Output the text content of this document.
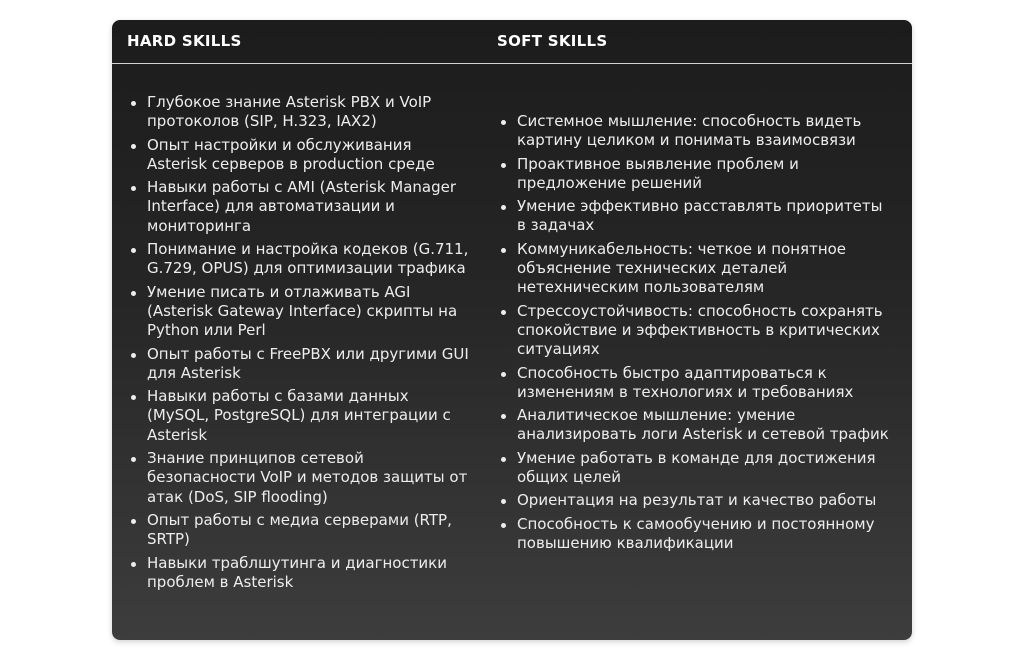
HARD SKILLS	SOFT SKILLS
Глубокое знание Asterisk PBX и VoIP протоколов (SIP, H.323, IAX2)
Опыт настройки и обслуживания Asterisk серверов в production среде
Навыки работы с AMI (Asterisk Manager Interface) для автоматизации и мониторинга
Понимание и настройка кодеков (G.711, G.729, OPUS) для оптимизации трафика
Умение писать и отлаживать AGI (Asterisk Gateway Interface) скрипты на Python или Perl
Опыт работы с FreePBX или другими GUI для Asterisk
Навыки работы с базами данных (MySQL, PostgreSQL) для интеграции с Asterisk
Знание принципов сетевой безопасности VoIP и методов защиты от атак (DoS, SIP flooding)
Опыт работы с медиа серверами (RTP, SRTP)
Навыки траблшутинга и диагностики проблем в Asterisk
Системное мышление: способность видеть картину целиком и понимать взаимосвязи
Проактивное выявление проблем и предложение решений
Умение эффективно расставлять приоритеты в задачах
Коммуникабельность: четкое и понятное объяснение технических деталей нетехническим пользователям
Стрессоустойчивость: способность сохранять спокойствие и эффективность в критических ситуациях
Способность быстро адаптироваться к изменениям в технологиях и требованиях
Аналитическое мышление: умение анализировать логи Asterisk и сетевой трафик
Умение работать в команде для достижения общих целей
Ориентация на результат и качество работы
Способность к самообучению и постоянному повышению квалификации
